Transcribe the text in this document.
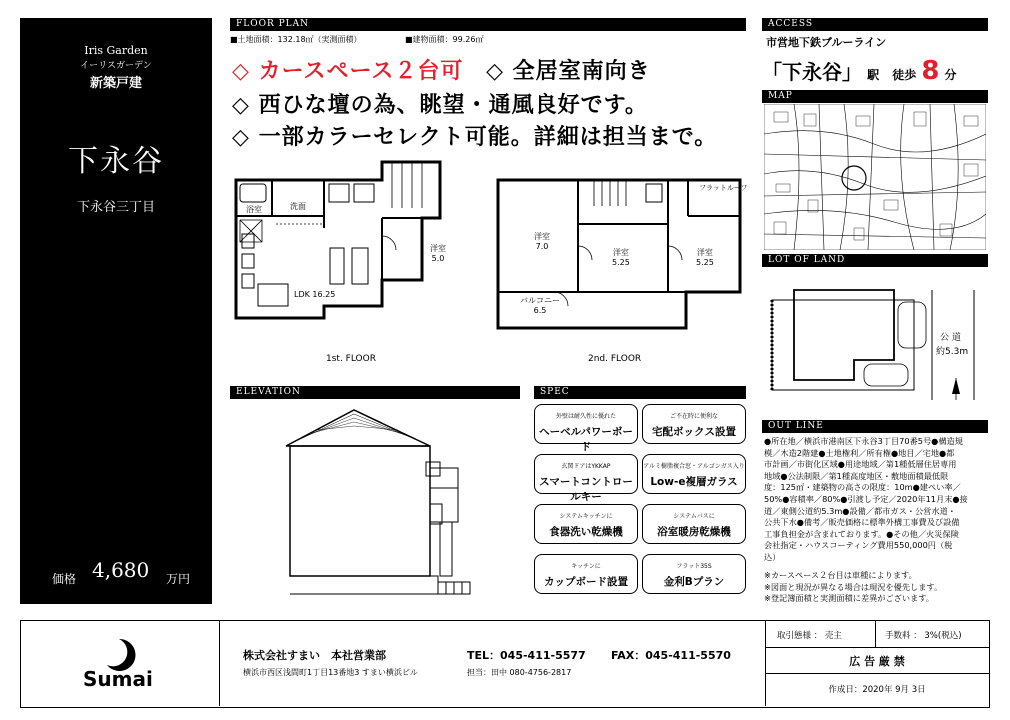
Iris Garden
イーリスガーデン
新築戸建
下永谷
下永谷三丁目
価格 4,680 万円
FLOOR PLAN
■土地面積：132.18㎡（実測面積）	■建物面積：99.26㎡
◇ カースペース２台可 ◇ 全居室南向き
◇ 西ひな壇の為、眺望・通風良好です。
◇ 一部カラーセレクト可能。詳細は担当まで。
浴室	洗面
LDK 16.25
洋室
5.0
1st. FLOOR
洋室
7.0
洋室
5.25
洋室
5.25
バルコニー
6.5
フラットルーフ
2nd. FLOOR
ELEVATION	SPEC
外壁は耐久性に優れた
へーベルパワーボード
ご不在時に便利な
宅配ボックス設置
玄関ドアはYKKAP
スマートコントロールキー
アルミ樹脂複合窓・アルゴンガス入り
Low-e複層ガラス
システムキッチンに
食器洗い乾燥機
システムバスに
浴室暖房乾燥機
キッチンに
カップボード設置
フラット35S
金利Bプラン
ACCESS
市営地下鉄ブルーライン
「下永谷」 駅 徒歩 8 分
MAP
LOT OF LAND
公 道
約5.3m
OUT LINE
●所在地／横浜市港南区下永谷3丁目70番5号●構造規
模／木造2階建●土地権利／所有権●地目／宅地●都
市計画／市街化区域●用途地域／第1種低層住居専用
地域●公法制限／第1種高度地区・敷地面積最低限
度：125㎡・建築物の高さの限度：10m●建ぺい率／
50%●容積率／80%●引渡し予定／2020年11月末●接
道／東側公道約5.3m●設備／都市ガス・公営水道・
公共下水●備考／販売価格に標準外構工事費及び設備
工事負担金が含まれております。●その他／火災保険
会社指定・ハウスコーティング費用550,000円（税
込）
※カースペース２台目は車種によります。
※図面と現況が異なる場合は現況を優先します。
※登記簿面積と実測面積に差異がございます。
Sumai
株式会社すまい　本社営業部	TEL：045-411-5577 FAX：045-411-5570
横浜市西区浅間町1丁目13番地3 すまい横浜ビル	担当：田中 080-4756-2817
取引態様 ： 売主	手数料 ： 3%(税込)
広 告 厳 禁
作成日：2020年 9月 3日
